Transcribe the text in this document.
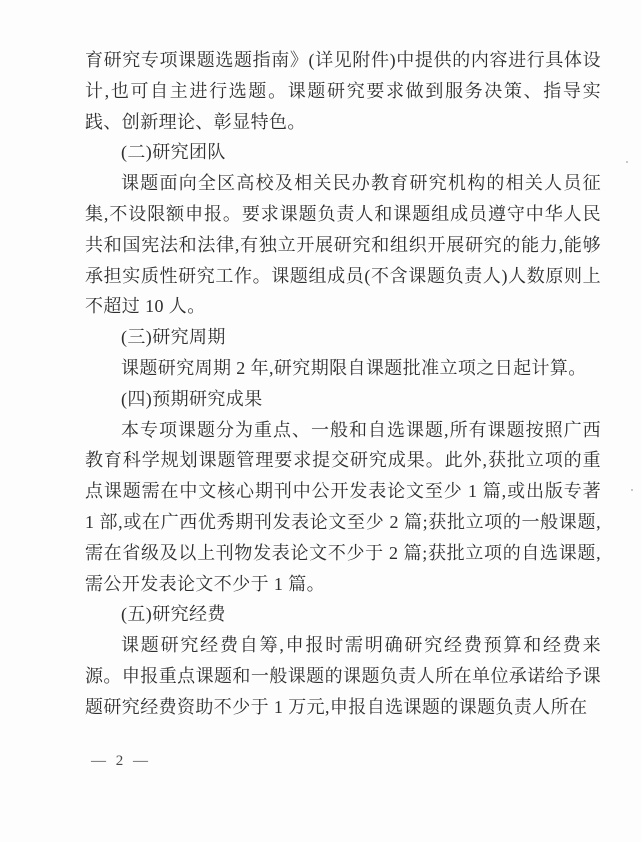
育研究专项课题选题指南》(详见附件)中提供的内容进行具体设计,也可自主进行选题。课题研究要求做到服务决策、指导实践、创新理论、彰显特色。

(二)研究团队

课题面向全区高校及相关民办教育研究机构的相关人员征集,不设限额申报。要求课题负责人和课题组成员遵守中华人民共和国宪法和法律,有独立开展研究和组织开展研究的能力,能够承担实质性研究工作。课题组成员(不含课题负责人)人数原则上不超过 10 人。

(三)研究周期

课题研究周期 2 年,研究期限自课题批准立项之日起计算。

(四)预期研究成果

本专项课题分为重点、一般和自选课题,所有课题按照广西教育科学规划课题管理要求提交研究成果。此外,获批立项的重点课题需在中文核心期刊中公开发表论文至少 1 篇,或出版专著 1 部,或在广西优秀期刊发表论文至少 2 篇;获批立项的一般课题,需在省级及以上刊物发表论文不少于 2 篇;获批立项的自选课题,需公开发表论文不少于 1 篇。

(五)研究经费

课题研究经费自筹,申报时需明确研究经费预算和经费来源。申报重点课题和一般课题的课题负责人所在单位承诺给予课题研究经费资助不少于 1 万元,申报自选课题的课题负责人所在

— 2 —
